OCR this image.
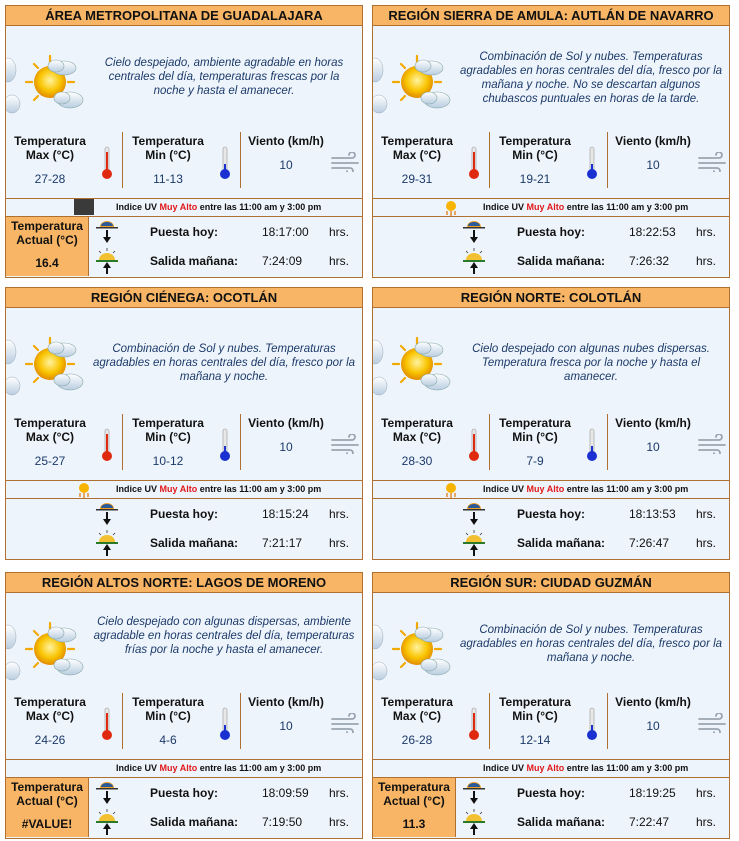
ÁREA METROPOLITANA DE GUADALAJARA
Cielo despejado, ambiente agradable en horas centrales del día, temperaturas frescas por la noche y hasta el amanecer.
Temperatura Max (°C)
27-28
Temperatura Min (°C)
11-13
Viento (km/h)
10
Indice UV Muy Alto entre las 11:00 am y 3:00 pm
Temperatura Actual (°C)
16.4
Puesta hoy:	18:17:00 hrs.
Salida mañana: 7:24:09 hrs.
REGIÓN SIERRA DE AMULA: AUTLÁN DE NAVARRO
Combinación de Sol y nubes. Temperaturas agradables en horas centrales del día, fresco por la mañana y noche. No se descartan algunos chubascos puntuales en horas de la tarde.
Temperatura Max (°C)
29-31
Temperatura Min (°C)
19-21
Viento (km/h)
10
Indice UV Muy Alto entre las 11:00 am y 3:00 pm
Puesta hoy:	18:22:53 hrs.
Salida mañana: 7:26:32 hrs.
REGIÓN CIÉNEGA: OCOTLÁN
Combinación de Sol y nubes. Temperaturas agradables en horas centrales del día, fresco por la mañana y noche.
Temperatura Max (°C)
25-27
Temperatura Min (°C)
10-12
Viento (km/h)
10
Indice UV Muy Alto entre las 11:00 am y 3:00 pm
Puesta hoy:	18:15:24 hrs.
Salida mañana: 7:21:17 hrs.
REGIÓN NORTE: COLOTLÁN
Cielo despejado con algunas nubes dispersas. Temperatura fresca por la noche y hasta el amanecer.
Temperatura Max (°C)
28-30
Temperatura Min (°C)
7-9
Viento (km/h)
10
Indice UV Muy Alto entre las 11:00 am y 3:00 pm
Puesta hoy:	18:13:53 hrs.
Salida mañana: 7:26:47 hrs.
REGIÓN ALTOS NORTE: LAGOS DE MORENO
Cielo despejado con algunas dispersas, ambiente agradable en horas centrales del día, temperaturas frías por la noche y hasta el amanecer.
Temperatura Max (°C)
24-26
Temperatura Min (°C)
4-6
Viento (km/h)
10
Indice UV Muy Alto entre las 11:00 am y 3:00 pm
Temperatura Actual (°C)
#VALUE!
Puesta hoy:	18:09:59 hrs.
Salida mañana: 7:19:50 hrs.
REGIÓN SUR: CIUDAD GUZMÁN
Combinación de Sol y nubes. Temperaturas agradables en horas centrales del día, fresco por la mañana y noche.
Temperatura Max (°C)
26-28
Temperatura Min (°C)
12-14
Viento (km/h)
10
Indice UV Muy Alto entre las 11:00 am y 3:00 pm
Temperatura Actual (°C)
11.3
Puesta hoy:	18:19:25 hrs.
Salida mañana: 7:22:47 hrs.
